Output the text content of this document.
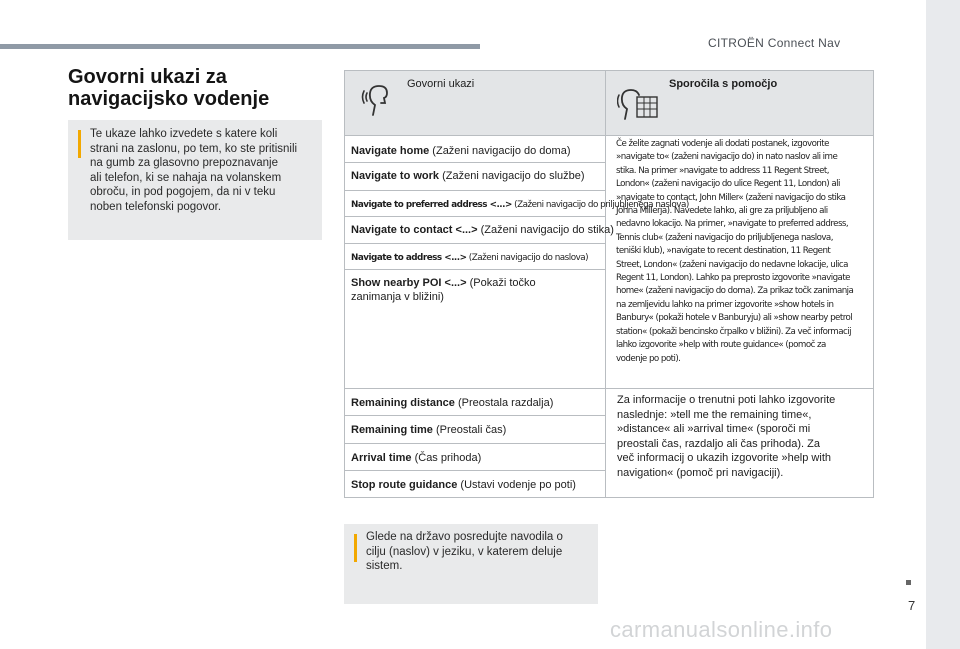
CITROËN Connect Nav
7
carmanualsonline.info
Govorni ukazi za
navigacijsko vodenje
Te ukaze lahko izvedete s katere koli
strani na zaslonu, po tem, ko ste pritisnili
na gumb za glasovno prepoznavanje
ali telefon, ki se nahaja na volanskem
obroču, in pod pogojem, da ni v teku
noben telefonski pogovor.
Govorni ukazi	Sporočila s pomočjo
Navigate home (Zaženi navigacijo do doma)
Navigate to work (Zaženi navigacijo do službe)
Navigate to preferred address <...> (Zaženi navigacijo do priljubljenega naslova)
Navigate to contact <...> (Zaženi navigacijo do stika)
Navigate to address <...> (Zaženi navigacijo do naslova)
Show nearby POI <...> (Pokaži točko
zanimanja v bližini)
Če želite zagnati vodenje ali dodati postanek, izgovorite
»navigate to« (zaženi navigacijo do) in nato naslov ali ime
stika. Na primer »navigate to address 11 Regent Street,
London« (zaženi navigacijo do ulice Regent 11, London) ali
»navigate to contact, John Miller« (zaženi navigacijo do stika
Johna Millerja). Navedete lahko, ali gre za priljubljeno ali
nedavno lokacijo. Na primer, »navigate to preferred address,
Tennis club« (zaženi navigacijo do priljubljenega naslova,
teniški klub), »navigate to recent destination, 11 Regent
Street, London« (zaženi navigacijo do nedavne lokacije, ulica
Regent 11, London). Lahko pa preprosto izgovorite »navigate
home« (zaženi navigacijo do doma). Za prikaz točk zanimanja
na zemljevidu lahko na primer izgovorite »show hotels in
Banbury« (pokaži hotele v Banburyju) ali »show nearby petrol
station« (pokaži bencinsko črpalko v bližini). Za več informacij
lahko izgovorite »help with route guidance« (pomoč za
vodenje po poti).
Remaining distance (Preostala razdalja)
Remaining time (Preostali čas)
Arrival time (Čas prihoda)
Stop route guidance (Ustavi vodenje po poti)
Za informacije o trenutni poti lahko izgovorite
naslednje: »tell me the remaining time«,
»distance« ali »arrival time« (sporoči mi
preostali čas, razdaljo ali čas prihoda). Za
več informacij o ukazih izgovorite »help with
navigation« (pomoč pri navigaciji).
Glede na državo posredujte navodila o
cilju (naslov) v jeziku, v katerem deluje
sistem.
